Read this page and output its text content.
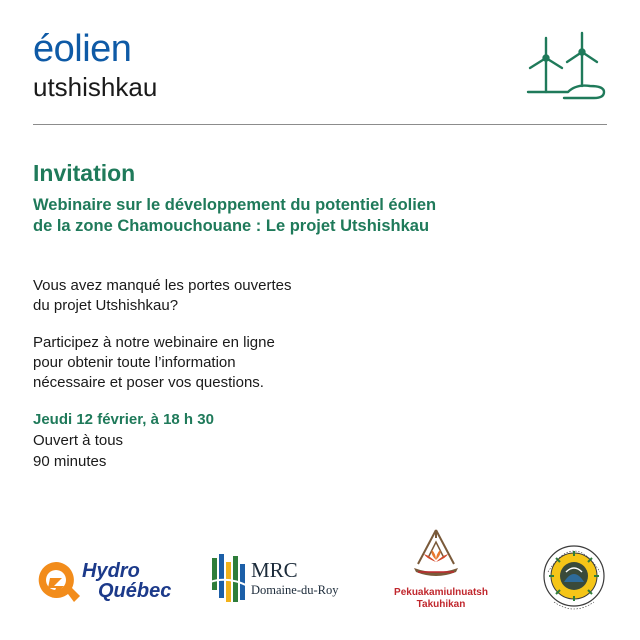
éolien
utshishkau
Invitation
Webinaire sur le développement du potentiel éolien
de la zone Chamouchouane : Le projet Utshishkau
Vous avez manqué les portes ouvertes
du projet Utshishkau?
Participez à notre webinaire en ligne
pour obtenir toute l’information
nécessaire et poser vos questions.
Jeudi 12 février, à 18 h 30
Ouvert à tous
90 minutes
Hydro
Québec
MRC
Domaine-du-Roy	Pekuakamiulnuatsh
Takuhikan
